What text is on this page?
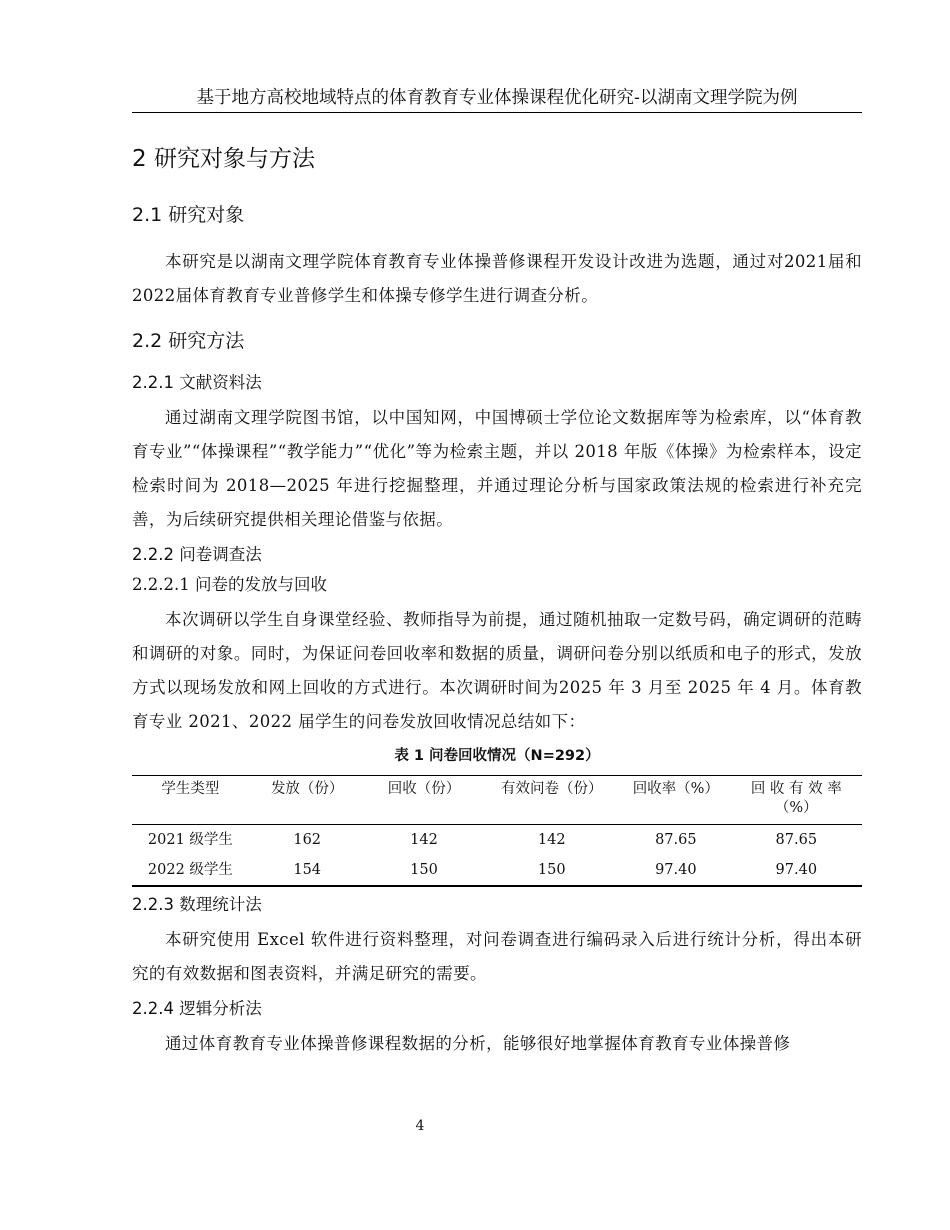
基于地方高校地域特点的体育教育专业体操课程优化研究-以湖南文理学院为例
2 研究对象与方法
2.1 研究对象

本研究是以湖南文理学院体育教育专业体操普修课程开发设计改进为选题，通过对2021届和2022届体育教育专业普修学生和体操专修学生进行调查分析。

2.2 研究方法
2.2.1 文献资料法

通过湖南文理学院图书馆，以中国知网，中国博硕士学位论文数据库等为检索库，以“体育教育专业”“体操课程”“教学能力”“优化”等为检索主题，并以 2018 年版《体操》为检索样本，设定检索时间为 2018—2025 年进行挖掘整理，并通过理论分析与国家政策法规的检索进行补充完善，为后续研究提供相关理论借鉴与依据。

2.2.2 问卷调查法
2.2.2.1 问卷的发放与回收

本次调研以学生自身课堂经验、教师指导为前提，通过随机抽取一定数号码，确定调研的范畴和调研的对象。同时，为保证问卷回收率和数据的质量，调研问卷分别以纸质和电子的形式，发放方式以现场发放和网上回收的方式进行。本次调研时间为2025 年 3 月至 2025 年 4 月。体育教育专业 2021、2022 届学生的问卷发放回收情况总结如下：

表 1 问卷回收情况（N=292）
学生类型	发放（份）	回收（份）	有效问卷（份）	回收率（%）	回 收 有 效 率（%）
2021 级学生	162	142	142	87.65	87.65
2022 级学生	154	150	150	97.40	97.40
2.2.3 数理统计法

本研究使用 Excel 软件进行资料整理，对问卷调查进行编码录入后进行统计分析，得出本研究的有效数据和图表资料，并满足研究的需要。

2.2.4 逻辑分析法

通过体育教育专业体操普修课程数据的分析，能够很好地掌握体育教育专业体操普修

4
